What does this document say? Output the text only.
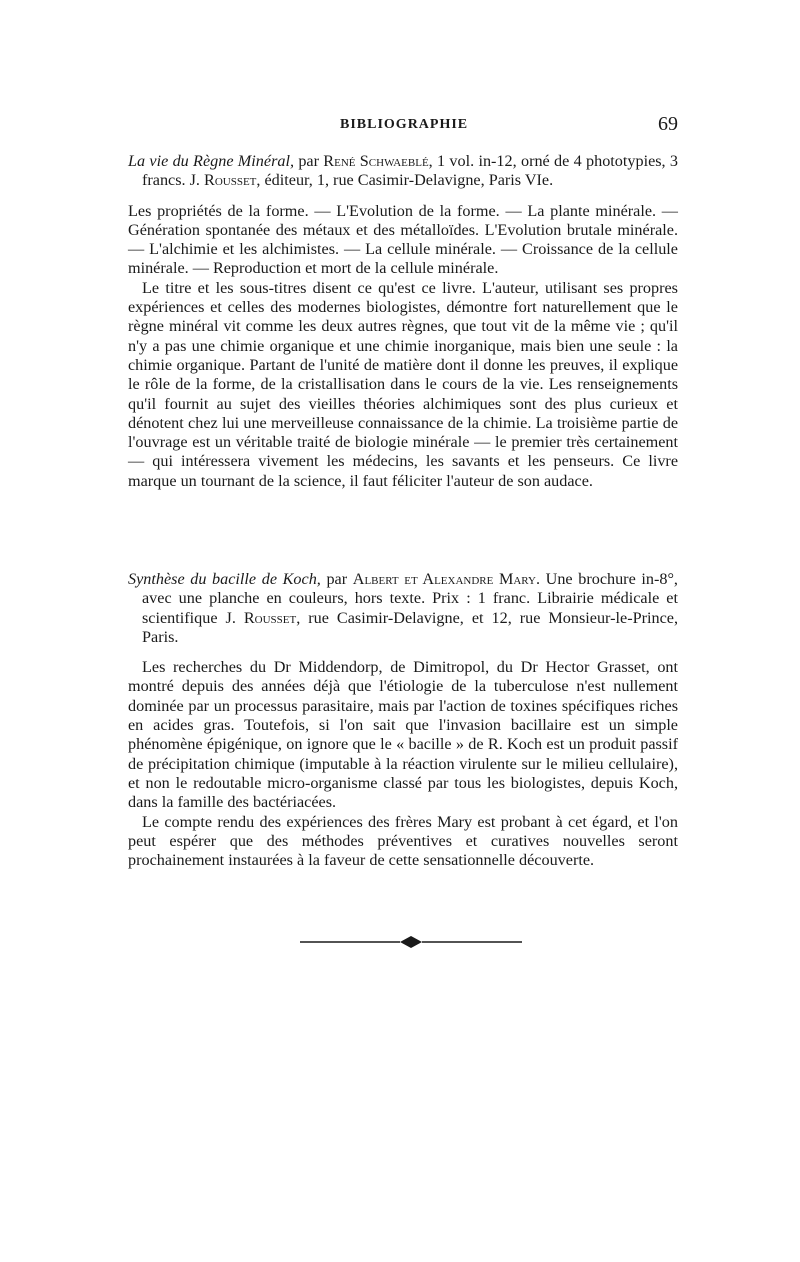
BIBLIOGRAPHIE	69

La vie du Règne Minéral, par René Schwaeblé, 1 vol. in-12, orné de 4 phototypies, 3 francs. J. Rousset, éditeur, 1, rue Casimir-Delavigne, Paris VIe.

Les propriétés de la forme. — L'Evolution de la forme. — La plante minérale. — Génération spontanée des métaux et des métalloïdes. L'Evolution brutale minérale. — L'alchimie et les alchimistes. — La cellule minérale. — Croissance de la cellule minérale. — Reproduction et mort de la cellule minérale.

Le titre et les sous-titres disent ce qu'est ce livre. L'auteur, utilisant ses propres expériences et celles des modernes biologistes, démontre fort naturellement que le règne minéral vit comme les deux autres règnes, que tout vit de la même vie ; qu'il n'y a pas une chimie organique et une chimie inorganique, mais bien une seule : la chimie organique. Partant de l'unité de matière dont il donne les preuves, il explique le rôle de la forme, de la cristallisation dans le cours de la vie. Les renseignements qu'il fournit au sujet des vieilles théories alchimiques sont des plus curieux et dénotent chez lui une merveilleuse connaissance de la chimie. La troisième partie de l'ouvrage est un véritable traité de biologie minérale — le premier très certainement — qui intéressera vivement les médecins, les savants et les penseurs. Ce livre marque un tournant de la science, il faut féliciter l'auteur de son audace.

Synthèse du bacille de Koch, par Albert et Alexandre Mary. Une brochure in-8°, avec une planche en couleurs, hors texte. Prix : 1 franc. Librairie médicale et scientifique J. Rousset, rue Casimir-Delavigne, et 12, rue Monsieur-le-Prince, Paris.

Les recherches du Dr Middendorp, de Dimitropol, du Dr Hector Grasset, ont montré depuis des années déjà que l'étiologie de la tuberculose n'est nullement dominée par un processus parasitaire, mais par l'action de toxines spécifiques riches en acides gras. Toutefois, si l'on sait que l'invasion bacillaire est un simple phénomène épigénique, on ignore que le « bacille » de R. Koch est un produit passif de précipitation chimique (imputable à la réaction virulente sur le milieu cellulaire), et non le redoutable micro-organisme classé par tous les biologistes, depuis Koch, dans la famille des bactériacées.

Le compte rendu des expériences des frères Mary est probant à cet égard, et l'on peut espérer que des méthodes préventives et curatives nouvelles seront prochainement instaurées à la faveur de cette sensationnelle découverte.
